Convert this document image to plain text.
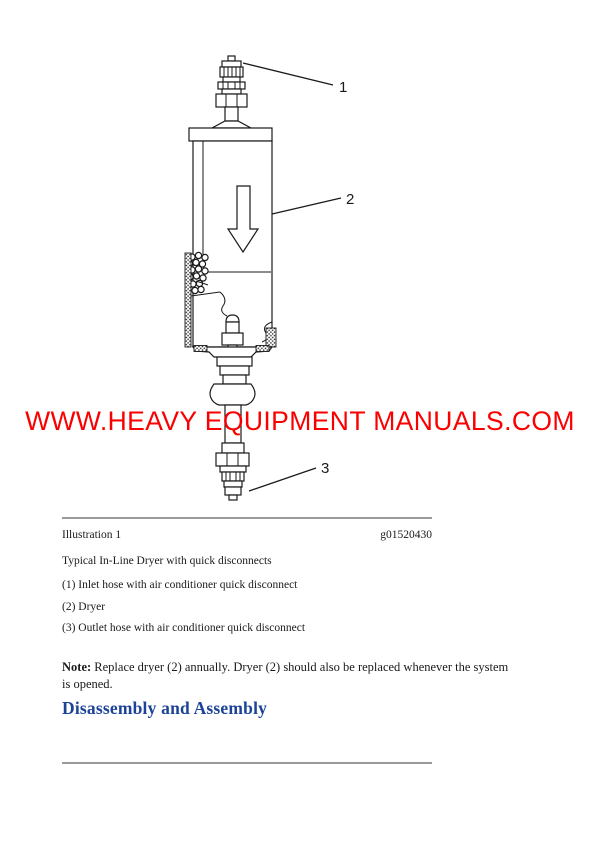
1
2
3
WWW.HEAVY EQUIPMENT MANUALS.COM
Illustration 1	g01520430
Typical In-Line Dryer with quick disconnects
(1) Inlet hose with air conditioner quick disconnect
(2) Dryer
(3) Outlet hose with air conditioner quick disconnect
Note: Replace dryer (2) annually. Dryer (2) should also be replaced whenever the system is opened.
Disassembly and Assembly
